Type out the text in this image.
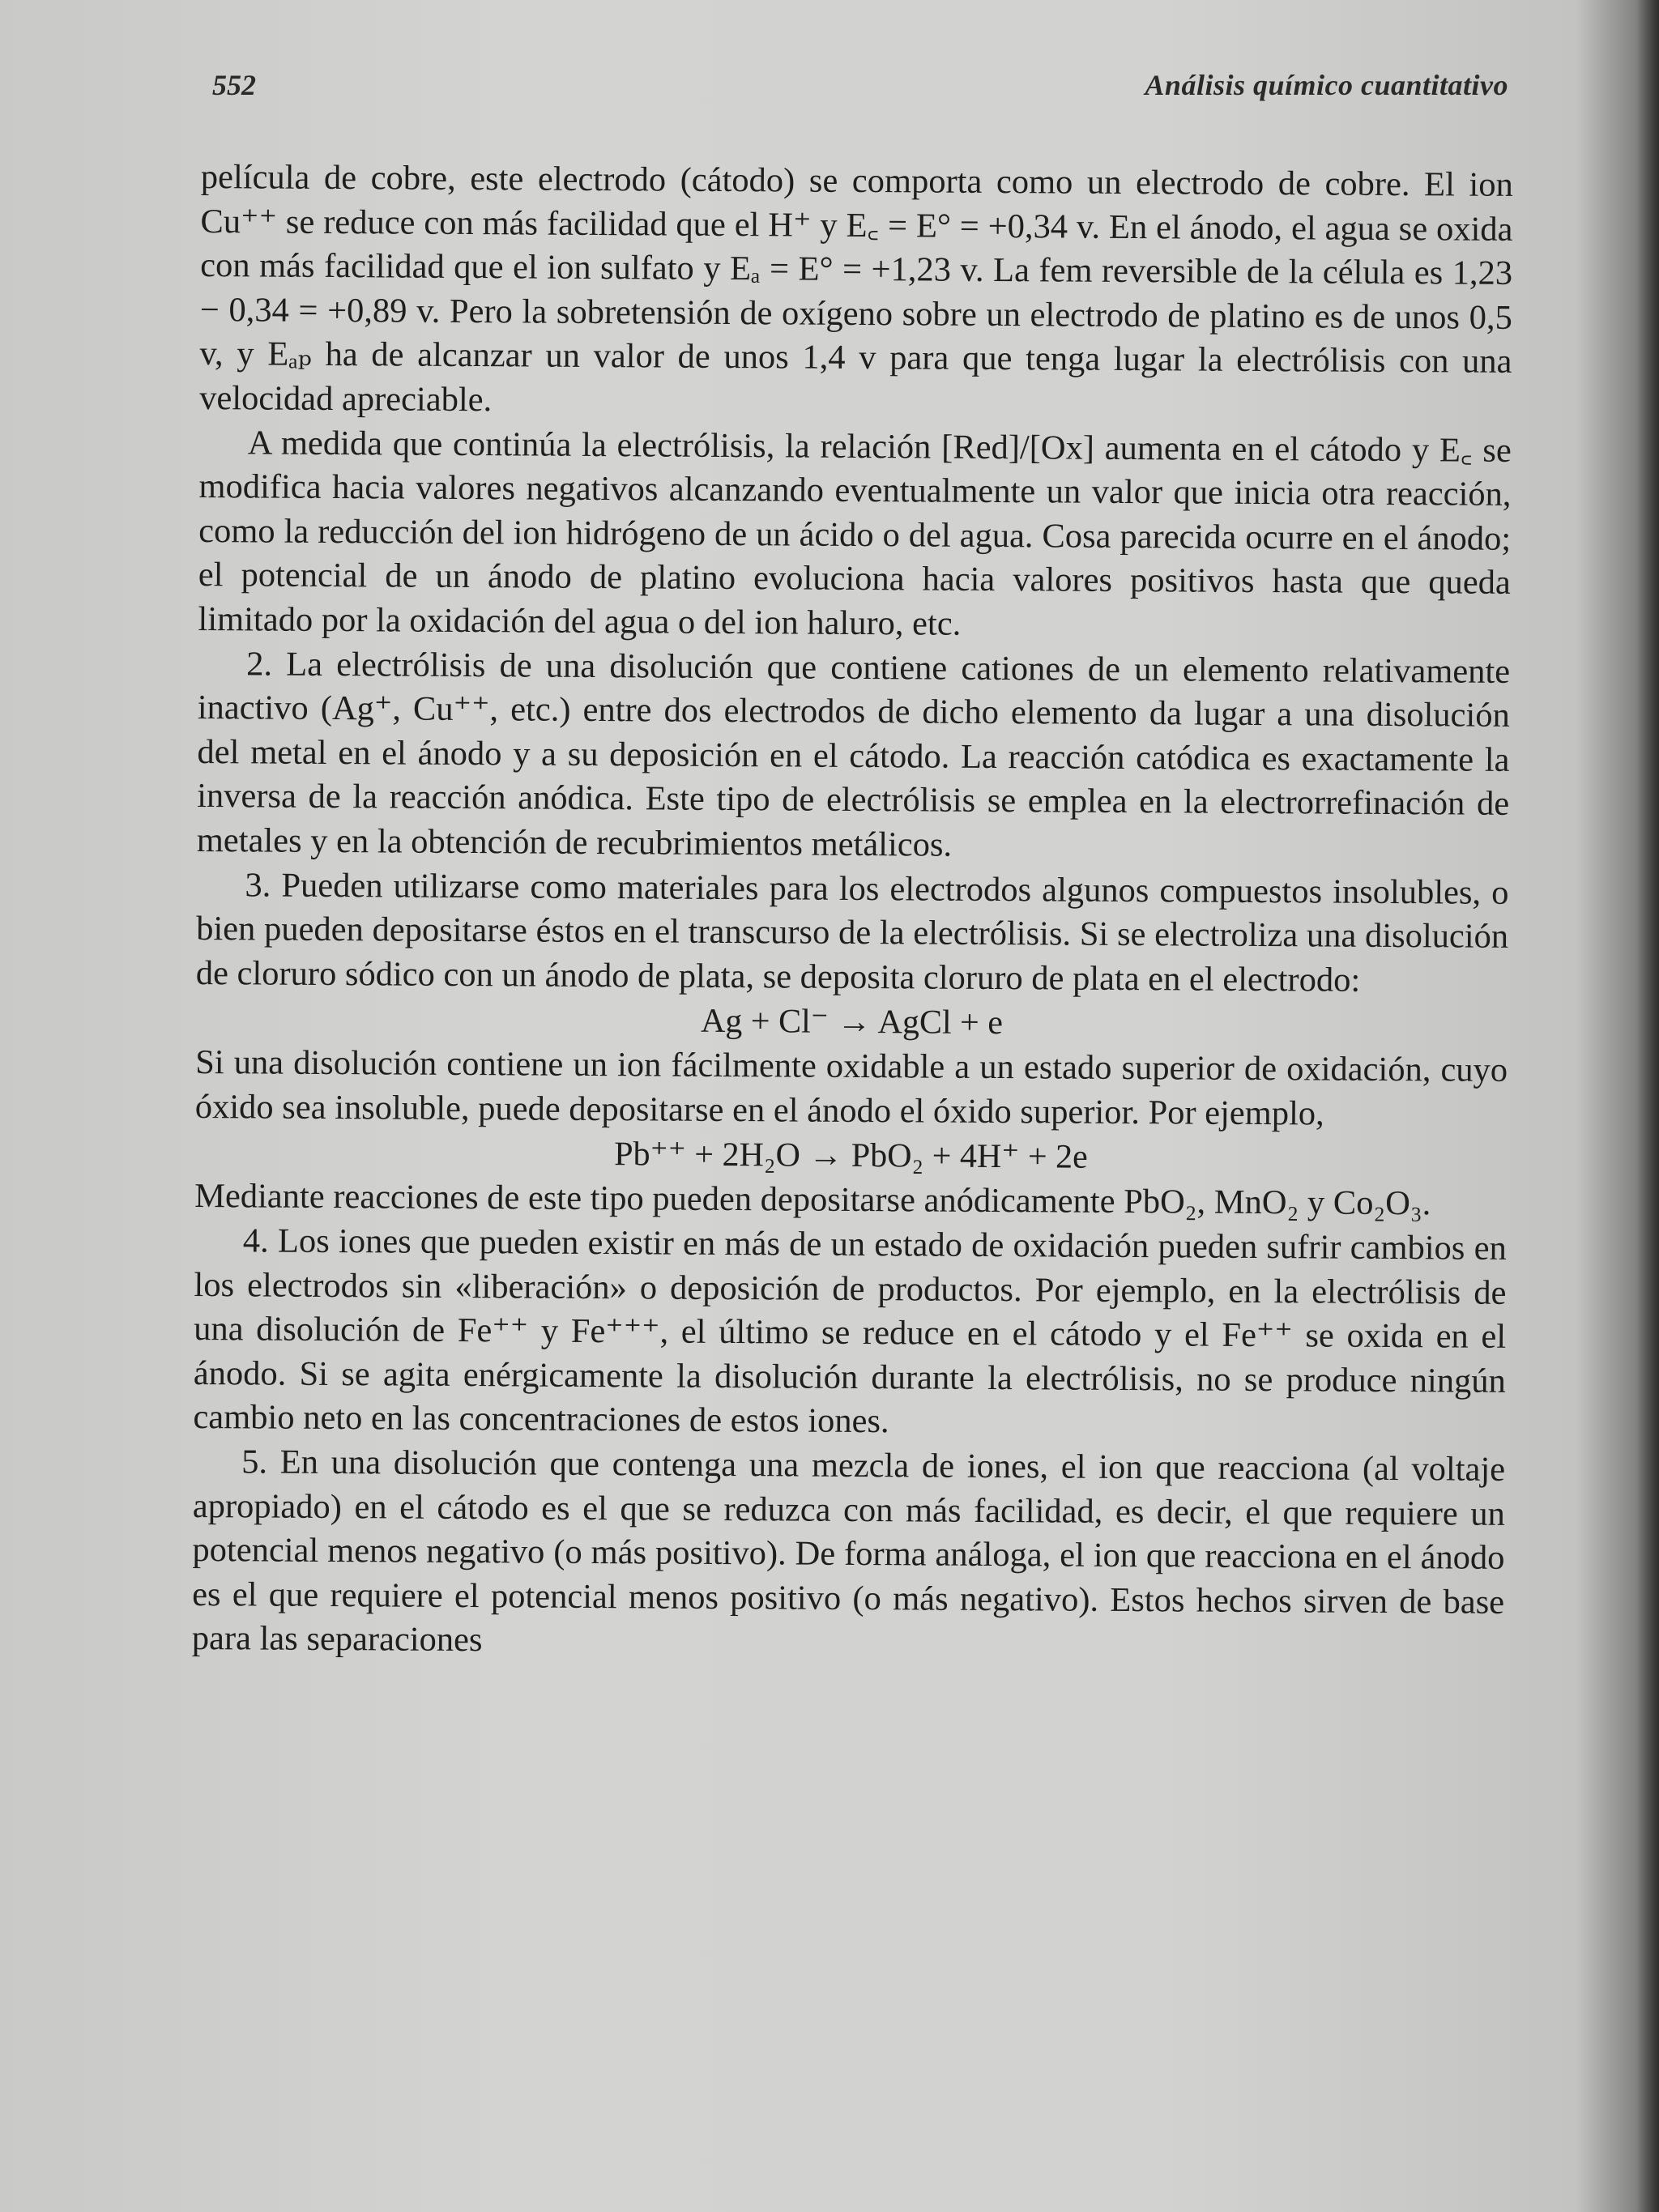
552	Análisis químico cuantitativo

película de cobre, este electrodo (cátodo) se comporta como un electrodo de cobre. El ion Cu⁺⁺ se reduce con más facilidad que el H⁺ y E꜀ = E° = +0,34 v. En el ánodo, el agua se oxida con más facilidad que el ion sulfato y Eₐ = E° = +1,23 v. La fem reversible de la célula es 1,23 − 0,34 = +0,89 v. Pero la sobretensión de oxígeno sobre un electrodo de platino es de unos 0,5 v, y Eₐₚ ha de alcanzar un valor de unos 1,4 v para que tenga lugar la electrólisis con una velocidad apreciable.

A medida que continúa la electrólisis, la relación [Red]/[Ox] aumenta en el cátodo y E꜀ se modifica hacia valores negativos alcanzando eventualmente un valor que inicia otra reacción, como la reducción del ion hidrógeno de un ácido o del agua. Cosa parecida ocurre en el ánodo; el potencial de un ánodo de platino evoluciona hacia valores positivos hasta que queda limitado por la oxidación del agua o del ion haluro, etc.

2. La electrólisis de una disolución que contiene cationes de un elemento relativamente inactivo (Ag⁺, Cu⁺⁺, etc.) entre dos electrodos de dicho elemento da lugar a una disolución del metal en el ánodo y a su deposición en el cátodo. La reacción catódica es exactamente la inversa de la reacción anódica. Este tipo de electrólisis se emplea en la electrorrefinación de metales y en la obtención de recubrimientos metálicos.

3. Pueden utilizarse como materiales para los electrodos algunos compuestos insolubles, o bien pueden depositarse éstos en el transcurso de la electrólisis. Si se electroliza una disolución de cloruro sódico con un ánodo de plata, se deposita cloruro de plata en el electrodo:

Ag + Cl⁻ → AgCl + e

Si una disolución contiene un ion fácilmente oxidable a un estado superior de oxidación, cuyo óxido sea insoluble, puede depositarse en el ánodo el óxido superior. Por ejemplo,

Pb⁺⁺ + 2H₂O → PbO₂ + 4H⁺ + 2e

Mediante reacciones de este tipo pueden depositarse anódicamente PbO₂, MnO₂ y Co₂O₃.

4. Los iones que pueden existir en más de un estado de oxidación pueden sufrir cambios en los electrodos sin «liberación» o deposición de productos. Por ejemplo, en la electrólisis de una disolución de Fe⁺⁺ y Fe⁺⁺⁺, el último se reduce en el cátodo y el Fe⁺⁺ se oxida en el ánodo. Si se agita enérgicamente la disolución durante la electrólisis, no se produce ningún cambio neto en las concentraciones de estos iones.

5. En una disolución que contenga una mezcla de iones, el ion que reacciona (al voltaje apropiado) en el cátodo es el que se reduzca con más facilidad, es decir, el que requiere un potencial menos negativo (o más positivo). De forma análoga, el ion que reacciona en el ánodo es el que requiere el potencial menos positivo (o más negativo). Estos hechos sirven de base para las separaciones
